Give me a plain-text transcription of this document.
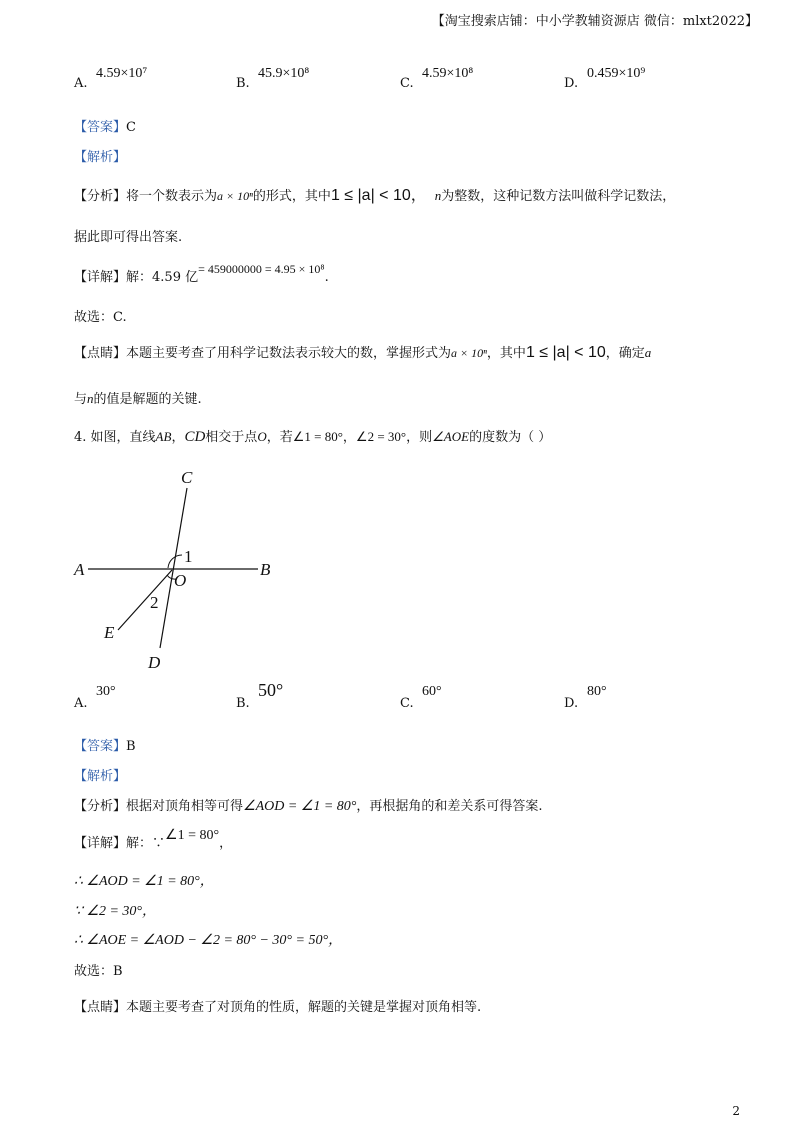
【淘宝搜索店铺：中小学教辅资源店 微信：mlxt2022】
A.
4.59×10⁷
B.
45.9×10⁸
C.
4.59×10⁸
D.
0.459×10⁹
【答案】C
【解析】
【分析】将一个数表示为a × 10ⁿ的形式，其中1 ≤ |a| < 10， n为整数，这种记数方法叫做科学记数法，
据此即可得出答案.
【详解】解：4.59 亿= 459000000 = 4.95 × 10⁸.
故选：C.
【点睛】本题主要考查了用科学记数法表示较大的数，掌握形式为a × 10ⁿ，其中1 ≤ |a| < 10，确定a
与n的值是解题的关键.
4. 如图，直线AB，CD相交于点O，若∠1 = 80°，∠2 = 30°，则∠AOE的度数为（ ）
C
A	B
O
1
2
E
D
A.
30°
B.
50°
C.
60°
D.
80°
【答案】B
【解析】
【分析】根据对顶角相等可得∠AOD = ∠1 = 80°，再根据角的和差关系可得答案.
【详解】解：∵∠1 = 80°，
∴ ∠AOD = ∠1 = 80°，
∵ ∠2 = 30°，
∴ ∠AOE = ∠AOD − ∠2 = 80° − 30° = 50°，
故选：B
【点睛】本题主要考查了对顶角的性质，解题的关键是掌握对顶角相等.
2
